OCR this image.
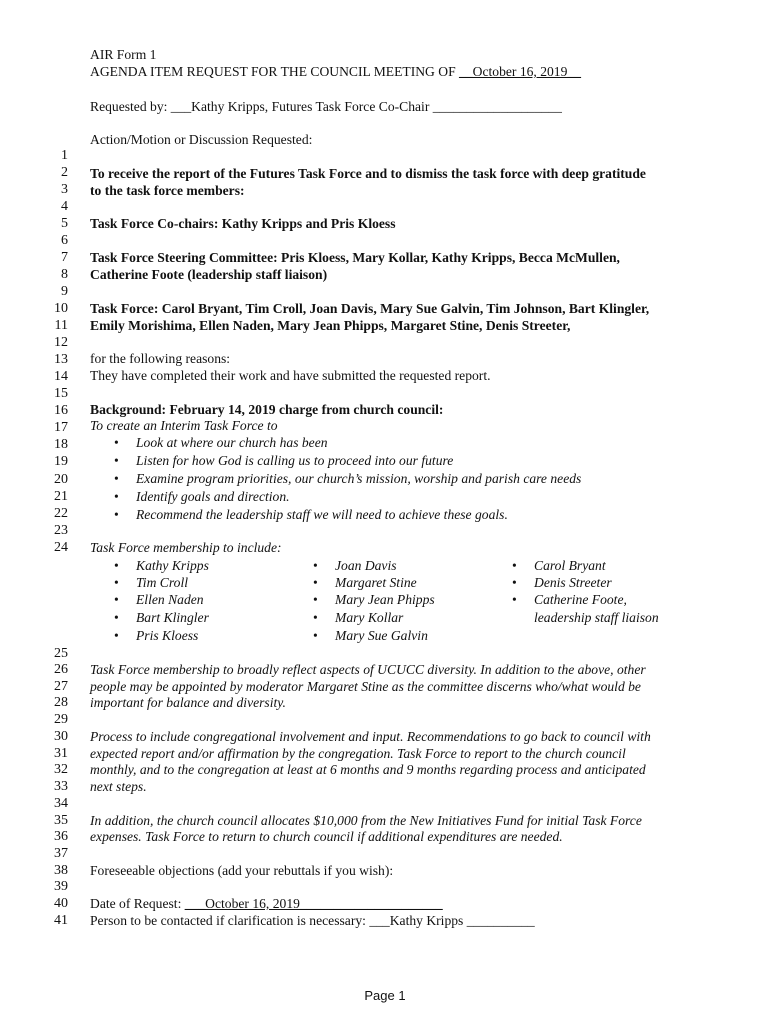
AIR Form 1
AGENDA ITEM REQUEST FOR THE COUNCIL MEETING OF __October 16, 2019__
Requested by: ___Kathy Kripps, Futures Task Force Co-Chair ___________________
Action/Motion or Discussion Requested:
1
2
3
4
5
6
7
8
9
10
11
12
13
14
15
16
17
18
19
20
21
22
23
24
25
26
27
28
29
30
31
32
33
34
35
36
37
38
39
40
41
To receive the report of the Futures Task Force and to dismiss the task force with deep gratitude
to the task force members:
Task Force Co-chairs: Kathy Kripps and Pris Kloess
Task Force Steering Committee: Pris Kloess, Mary Kollar, Kathy Kripps, Becca McMullen,
Catherine Foote (leadership staff liaison)
Task Force: Carol Bryant, Tim Croll, Joan Davis, Mary Sue Galvin, Tim Johnson, Bart Klingler,
Emily Morishima, Ellen Naden, Mary Jean Phipps, Margaret Stine, Denis Streeter,
for the following reasons:
They have completed their work and have submitted the requested report.
Background: February 14, 2019 charge from church council:
To create an Interim Task Force to
• Look at where our church has been
• Listen for how God is calling us to proceed into our future
• Examine program priorities, our church’s mission, worship and parish care needs
• Identify goals and direction.
• Recommend the leadership staff we will need to achieve these goals.
Task Force membership to include:
• Kathy Kripps
• Tim Croll
• Ellen Naden
• Bart Klingler
• Pris Kloess
• Joan Davis
• Margaret Stine
• Mary Jean Phipps
• Mary Kollar
• Mary Sue Galvin
• Carol Bryant
• Denis Streeter
• Catherine Foote,
leadership staff liaison
Task Force membership to broadly reflect aspects of UCUCC diversity. In addition to the above, other
people may be appointed by moderator Margaret Stine as the committee discerns who/what would be
important for balance and diversity.
Process to include congregational involvement and input. Recommendations to go back to council with
expected report and/or affirmation by the congregation. Task Force to report to the church council
monthly, and to the congregation at least at 6 months and 9 months regarding process and anticipated
next steps.
In addition, the church council allocates $10,000 from the New Initiatives Fund for initial Task Force
expenses. Task Force to return to church council if additional expenditures are needed.
Foreseeable objections (add your rebuttals if you wish):
Date of Request: ___October 16, 2019_____________________
Person to be contacted if clarification is necessary: ___Kathy Kripps __________
Page 1
